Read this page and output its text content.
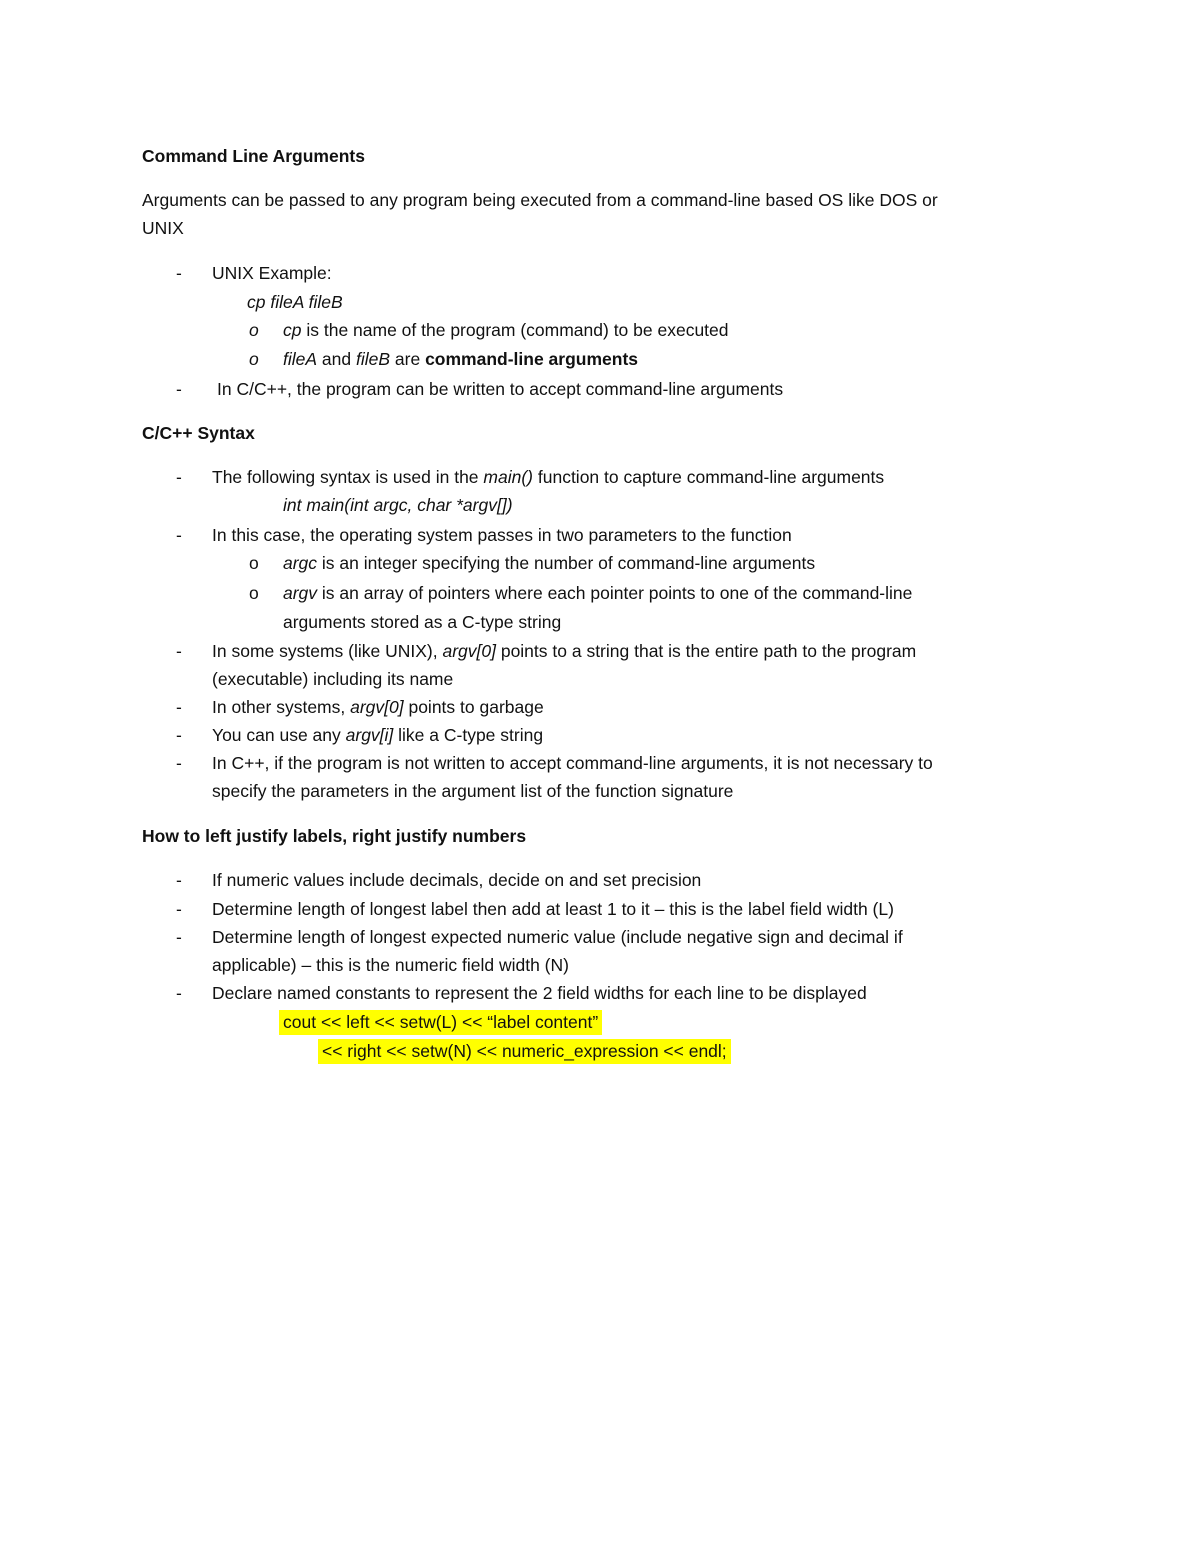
Command Line Arguments
Arguments can be passed to any program being executed from a command-line based OS like DOS or
UNIX
- UNIX Example:
cp fileA fileB
o cp is the name of the program (command) to be executed
o fileA and fileB are command-line arguments
- In C/C++, the program can be written to accept command-line arguments
C/C++ Syntax
- The following syntax is used in the main() function to capture command-line arguments
int main(int argc, char *argv[])
- In this case, the operating system passes in two parameters to the function
o argc is an integer specifying the number of command-line arguments
o argv is an array of pointers where each pointer points to one of the command-line
arguments stored as a C-type string
- In some systems (like UNIX), argv[0] points to a string that is the entire path to the program
(executable) including its name
- In other systems, argv[0] points to garbage
- You can use any argv[i] like a C-type string
- In C++, if the program is not written to accept command-line arguments, it is not necessary to
specify the parameters in the argument list of the function signature
How to left justify labels, right justify numbers
- If numeric values include decimals, decide on and set precision
- Determine length of longest label then add at least 1 to it – this is the label field width (L)
- Determine length of longest expected numeric value (include negative sign and decimal if
applicable) – this is the numeric field width (N)
- Declare named constants to represent the 2 field widths for each line to be displayed
cout << left << setw(L) << “label content”
<< right << setw(N) << numeric_expression << endl;
